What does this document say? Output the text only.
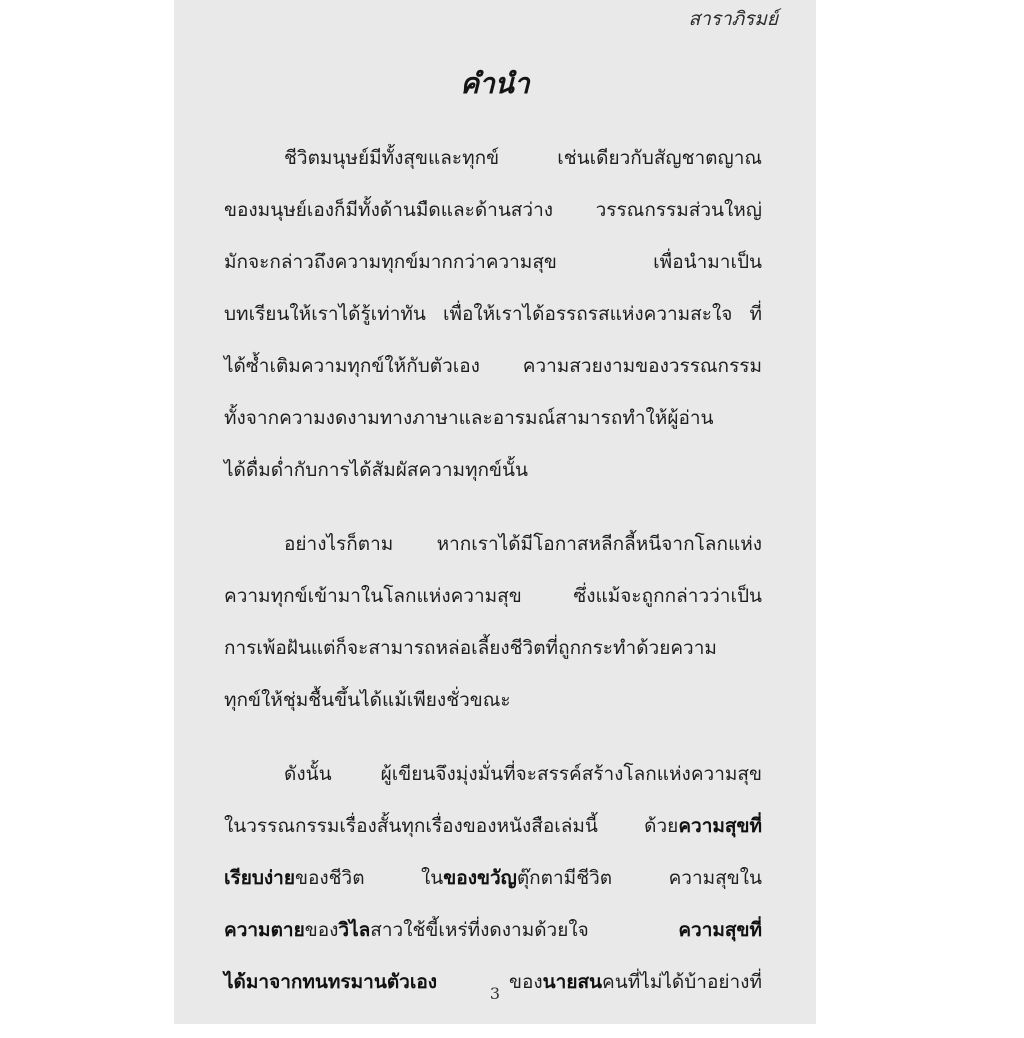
สาราภิรมย์
คำนำ
ชีวิตมนุษย์มีทั้งสุขและทุกข์ เช่นเดียวกับสัญชาตญาณ
ของมนุษย์เองก็มีทั้งด้านมืดและด้านสว่าง วรรณกรรมส่วนใหญ่
มักจะกล่าวถึงความทุกข์มากกว่าความสุข เพื่อนำมาเป็น
บทเรียนให้เราได้รู้เท่าทัน เพื่อให้เราได้อรรถรสแห่งความสะใจ ที่
ได้ซ้ำเติมความทุกข์ให้กับตัวเอง ความสวยงามของวรรณกรรม
ทั้งจากความงดงามทางภาษาและอารมณ์สามารถทำให้ผู้อ่าน
ได้ดื่มด่ำกับการได้สัมผัสความทุกข์นั้น
อย่างไรก็ตาม หากเราได้มีโอกาสหลีกลี้หนีจากโลกแห่ง
ความทุกข์เข้ามาในโลกแห่งความสุข ซึ่งแม้จะถูกกล่าวว่าเป็น
การเพ้อฝันแต่ก็จะสามารถหล่อเลี้ยงชีวิตที่ถูกกระทำด้วยความ
ทุกข์ให้ชุ่มชื้นขึ้นได้แม้เพียงชั่วขณะ
ดังนั้น ผู้เขียนจึงมุ่งมั่นที่จะสรรค์สร้างโลกแห่งความสุข
ในวรรณกรรมเรื่องสั้นทุกเรื่องของหนังสือเล่มนี้ ด้วยความสุขที่
เรียบง่ายของชีวิต ในของขวัญตุ๊กตามีชีวิต ความสุขใน
ความตายของวิไลสาวใช้ขี้เหร่ที่งดงามด้วยใจ	ความสุขที่
ได้มาจากทนทรมานตัวเอง	ของนายสนคนที่ไม่ได้บ้าอย่างที่
3
